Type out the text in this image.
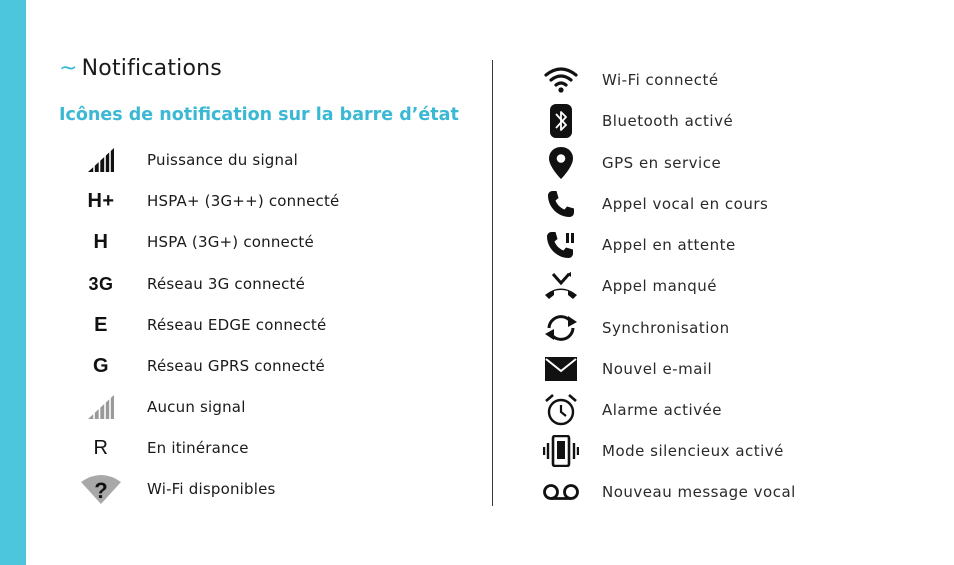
~ Notifications
Icônes de notification sur la barre d’état
Puissance du signal
H+	HSPA+ (3G++) connecté
H	HSPA (3G+) connecté
3G	Réseau 3G connecté
E	Réseau EDGE connecté
G	Réseau GPRS connecté
Aucun signal
R	En itinérance
?	Wi-Fi disponibles
Wi-Fi connecté
Bluetooth activé
GPS en service
Appel vocal en cours
Appel en attente
Appel manqué
Synchronisation
Nouvel e-mail
Alarme activée
Mode silencieux activé
Nouveau message vocal
